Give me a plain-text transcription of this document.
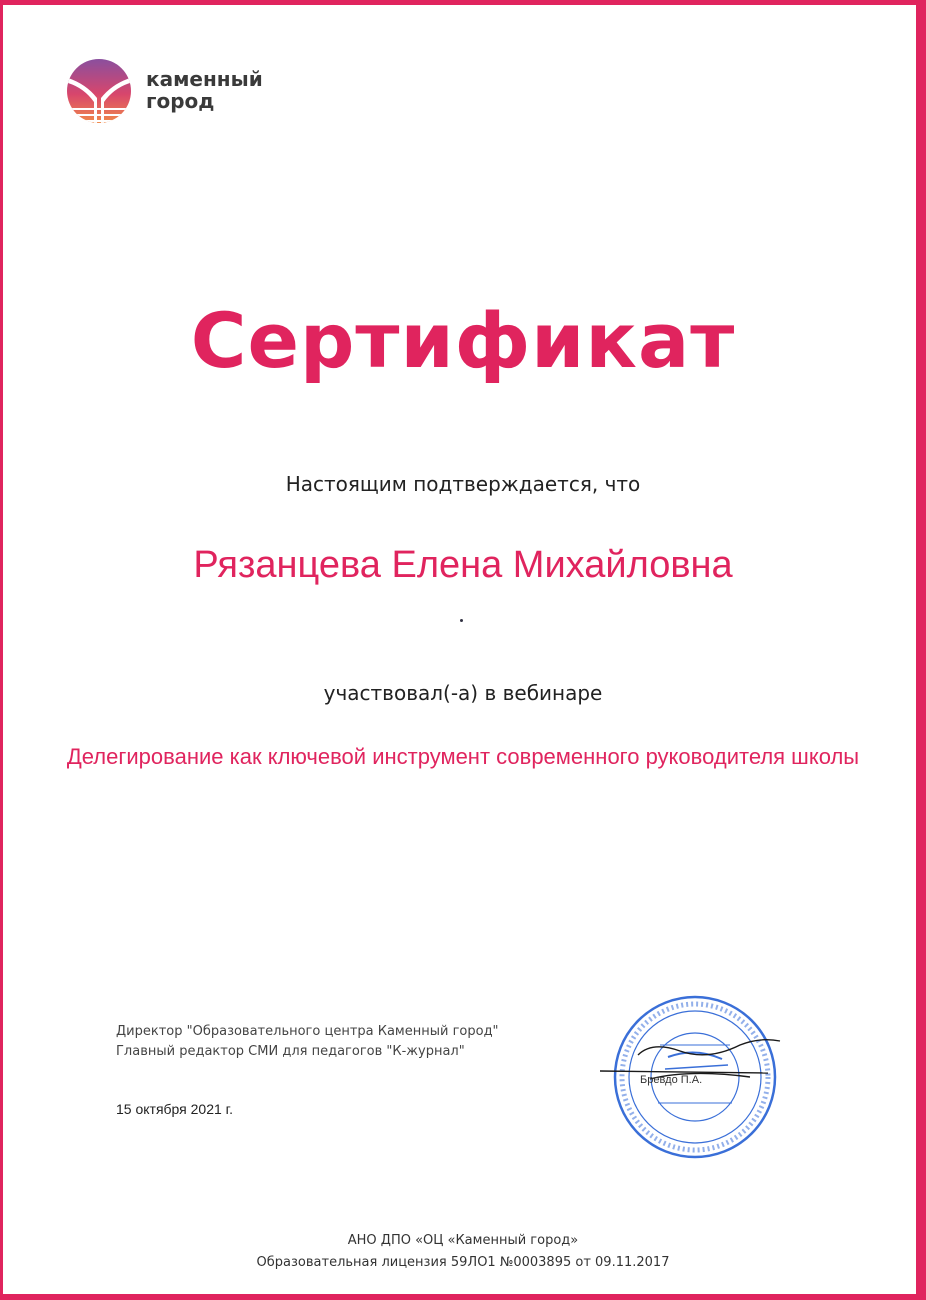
каменный
город
Сертификат
Настоящим подтверждается, что
Рязанцева Елена Михайловна
участвовал(-а) в вебинаре
Делегирование как ключевой инструмент современного руководителя школы
Директор "Образовательного центра Каменный город"
Главный редактор СМИ для педагогов "К-журнал"
15 октября 2021 г.
Бревдо П.А.
АНО ДПО «ОЦ «Каменный город»
Образовательная лицензия 59ЛО1 №0003895 от 09.11.2017
